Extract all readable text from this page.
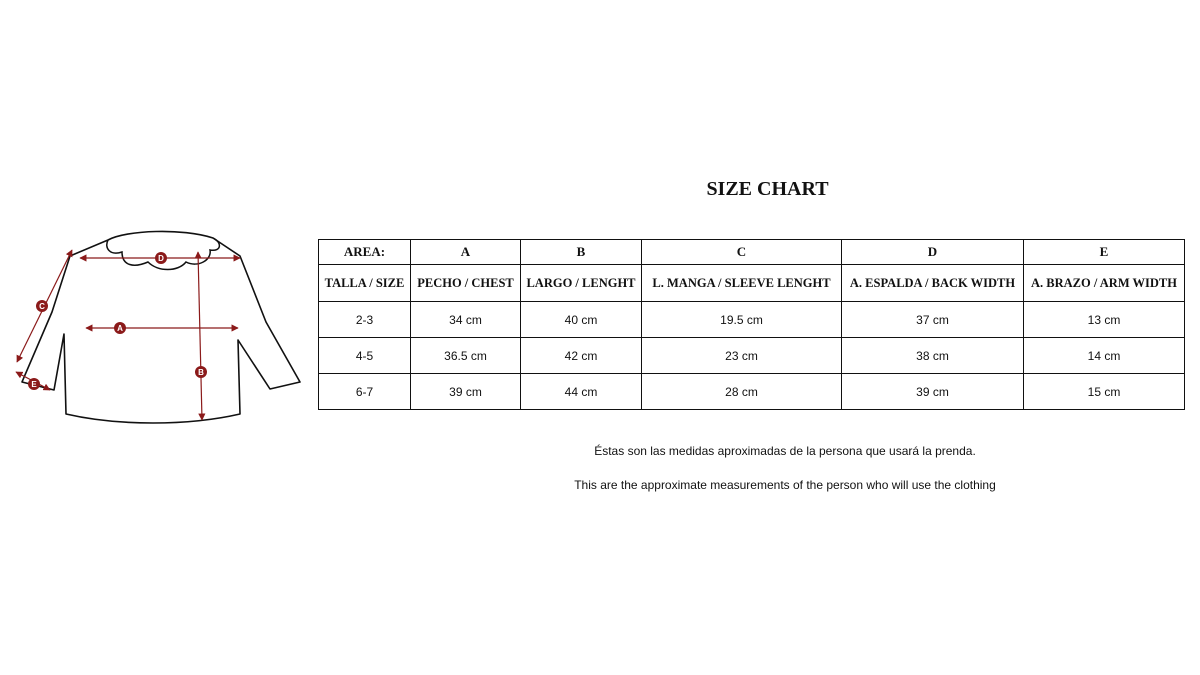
D
A
B
C
E
SIZE CHART
AREA:	A	B	C	D	E
TALLA / SIZE	PECHO / CHEST	LARGO / LENGHT	L. MANGA / SLEEVE LENGHT	A. ESPALDA / BACK WIDTH	A. BRAZO / ARM WIDTH
2-3	34 cm	40 cm	19.5 cm	37 cm	13 cm
4-5	36.5 cm	42 cm	23 cm	38 cm	14 cm
6-7	39 cm	44 cm	28 cm	39 cm	15 cm

Éstas son las medidas aproximadas de la persona que usará la prenda.

This are the approximate measurements of the person who will use the clothing
